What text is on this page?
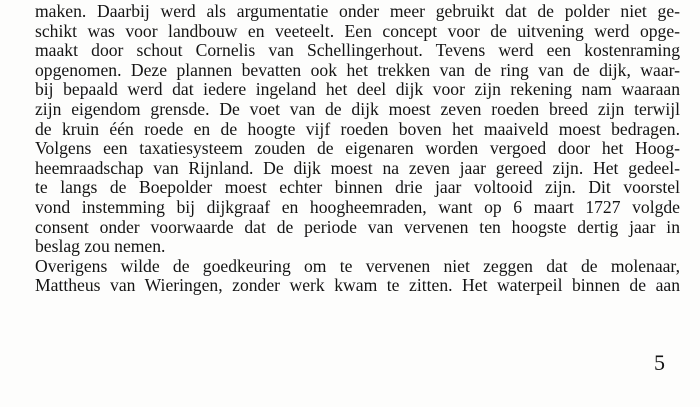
maken. Daarbij werd als argumentatie onder meer gebruikt dat de polder niet ge-
schikt was voor landbouw en veeteelt. Een concept voor de uitvening werd opge-
maakt door schout Cornelis van Schellingerhout. Tevens werd een kostenraming
opgenomen. Deze plannen bevatten ook het trekken van de ring van de dijk, waar-
bij bepaald werd dat iedere ingeland het deel dijk voor zijn rekening nam waaraan
zijn eigendom grensde. De voet van de dijk moest zeven roeden breed zijn terwijl
de kruin één roede en de hoogte vijf roeden boven het maaiveld moest bedragen.
Volgens een taxatiesysteem zouden de eigenaren worden vergoed door het Hoog-
heemraadschap van Rijnland. De dijk moest na zeven jaar gereed zijn. Het gedeel-
te langs de Boepolder moest echter binnen drie jaar voltooid zijn. Dit voorstel
vond instemming bij dijkgraaf en hoogheemraden, want op 6 maart 1727 volgde
consent onder voorwaarde dat de periode van vervenen ten hoogste dertig jaar in
beslag zou nemen.
Overigens wilde de goedkeuring om te vervenen niet zeggen dat de molenaar,
Mattheus van Wieringen, zonder werk kwam te zitten. Het waterpeil binnen de aan
5
